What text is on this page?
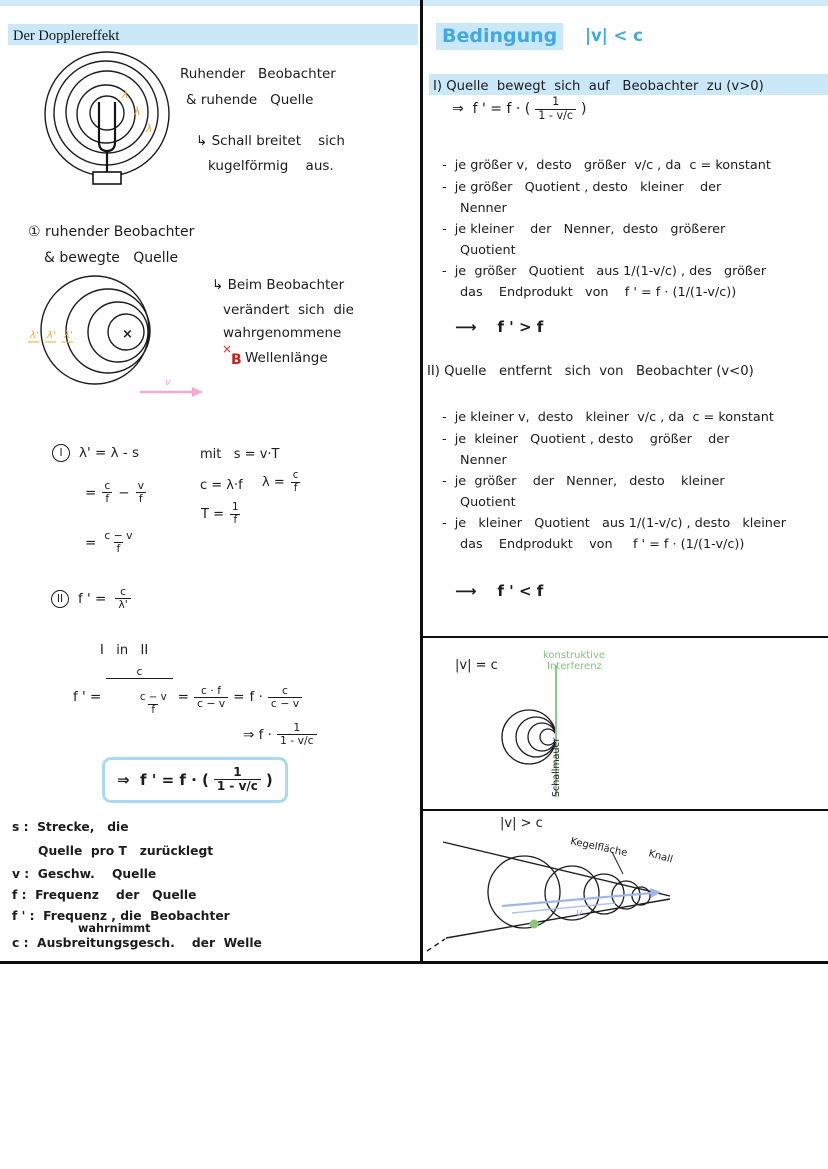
Der Dopplereffekt
λ
λ
λ
Ruhender   Beobachter
& ruhende   Quelle
↳ Schall breitet    sich
kugelförmig    aus.
① ruhender Beobachter
& bewegte   Quelle
×
λ' λ' λ'
v
↳ Beim Beobachter
verändert  sich  die
wahrgenommene
Wellenlänge
×
B
I	λ' = λ - s	mit   s = v·T
c = λ·f $\lambda = \frac{c}{f}$
= $\frac{c}{f} - \frac{v}{f}$
$T = \frac{1}{f}$
= $\frac{c - v}{f}$
II	f ' = $\frac{c}{\lambda'}$
I   in   II
f ' = $\frac{c}{\frac{c - v}{f}}$

= $\frac{c \cdot f}{c - v} = f \cdot \frac{c}{c - v}$
⇒ $f \cdot \frac{1}{1 - v/c}$
⇒  f ' = f · ( $\frac{1}{1 - v/c}$ )
s :  Strecke,   die
Quelle  pro T   zurücklegt
v :  Geschw.    Quelle
f :  Frequenz    der   Quelle
f ' :  Frequenz , die  Beobachter
wahrnimmt
c :  Ausbreitungsgesch.    der  Welle
Bedingung	|v| < c
I) Quelle  bewegt  sich  auf   Beobachter  zu (v>0)
⇒  f ' = f · ( $\frac{1}{1 - v/c}$ )
-  je größer v,  desto   größer  v/c , da  c = konstant
-  je größer   Quotient , desto   kleiner    der
Nenner
-  je kleiner    der   Nenner,  desto   größerer
Quotient
-  je  größer   Quotient   aus 1/(1-v/c) , des   größer
das    Endprodukt   von    f ' = f · (1/(1-v/c))
⟶    f ' > f
II) Quelle   entfernt   sich  von   Beobachter (v<0)
-  je kleiner v,  desto   kleiner  v/c , da  c = konstant
-  je  kleiner   Quotient , desto    größer    der
Nenner
-  je  größer    der   Nenner,   desto    kleiner
Quotient
-  je   kleiner   Quotient   aus 1/(1-v/c) , desto   kleiner
das    Endprodukt    von     f ' = f · (1/(1-v/c))
⟶    f ' < f
|v| = c
konstruktive
Interferenz
Schallmauer
|v| > c
v
Kegelfläche Knall
